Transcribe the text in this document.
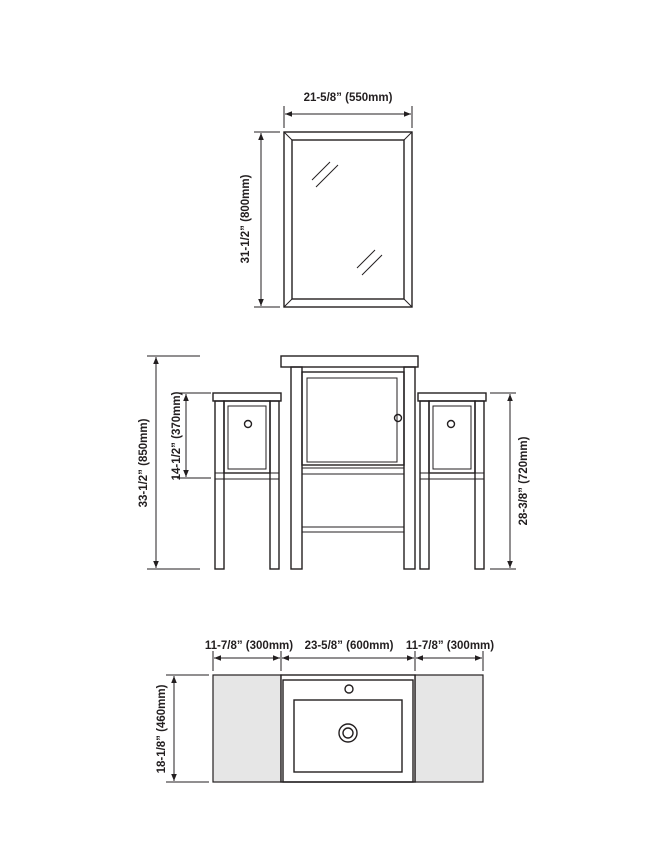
21-5/8” (550mm)
31-1/2” (800mm)
14-1/2” (370mm)
33-1/2” (850mm)	28-3/8” (720mm)
11-7/8” (300mm) 23-5/8” (600mm) 11-7/8” (300mm)
18-1/8” (460mm)
